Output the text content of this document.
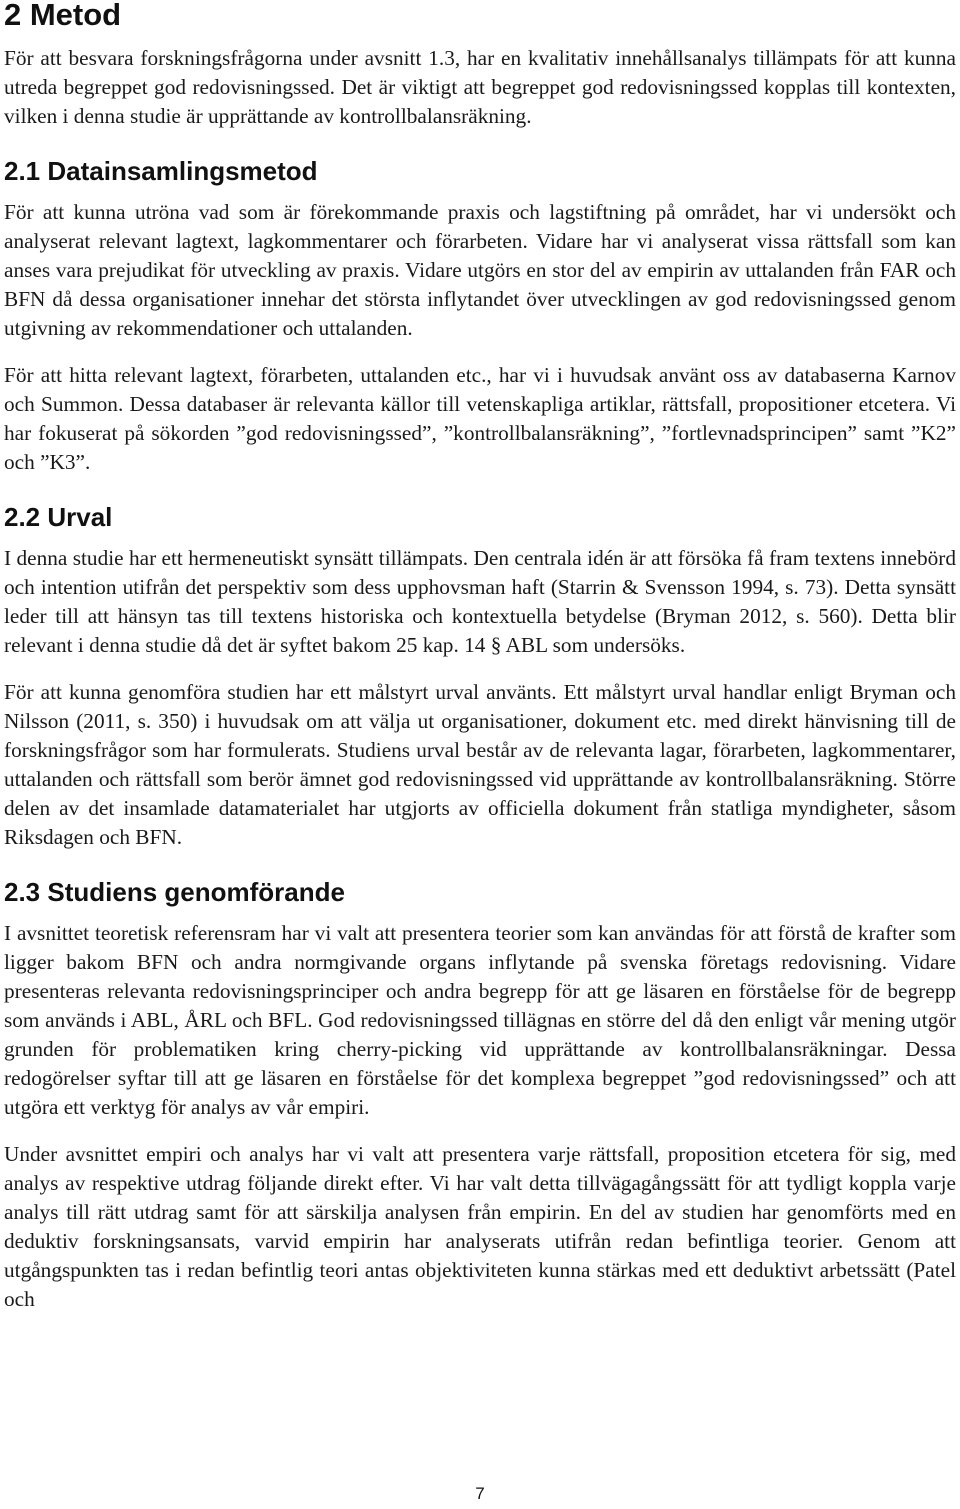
2 Metod

För att besvara forskningsfrågorna under avsnitt 1.3, har en kvalitativ innehållsanalys tillämpats för att kunna utreda begreppet god redovisningssed. Det är viktigt att begreppet god redovisningssed kopplas till kontexten, vilken i denna studie är upprättande av kontrollbalansräkning.

2.1 Datainsamlingsmetod

För att kunna utröna vad som är förekommande praxis och lagstiftning på området, har vi undersökt och analyserat relevant lagtext, lagkommentarer och förarbeten. Vidare har vi analyserat vissa rättsfall som kan anses vara prejudikat för utveckling av praxis. Vidare utgörs en stor del av empirin av uttalanden från FAR och BFN då dessa organisationer innehar det största inflytandet över utvecklingen av god redovisningssed genom utgivning av rekommendationer och uttalanden.

För att hitta relevant lagtext, förarbeten, uttalanden etc., har vi i huvudsak använt oss av databaserna Karnov och Summon. Dessa databaser är relevanta källor till vetenskapliga artiklar, rättsfall, propositioner etcetera. Vi har fokuserat på sökorden ”god redovisningssed”, ”kontrollbalansräkning”, ”fortlevnadsprincipen” samt ”K2” och ”K3”.

2.2 Urval

I denna studie har ett hermeneutiskt synsätt tillämpats. Den centrala idén är att försöka få fram textens innebörd och intention utifrån det perspektiv som dess upphovsman haft (Starrin & Svensson 1994, s. 73). Detta synsätt leder till att hänsyn tas till textens historiska och kontextuella betydelse (Bryman 2012, s. 560). Detta blir relevant i denna studie då det är syftet bakom 25 kap. 14 § ABL som undersöks.

För att kunna genomföra studien har ett målstyrt urval använts. Ett målstyrt urval handlar enligt Bryman och Nilsson (2011, s. 350) i huvudsak om att välja ut organisationer, dokument etc. med direkt hänvisning till de forskningsfrågor som har formulerats. Studiens urval består av de relevanta lagar, förarbeten, lagkommentarer, uttalanden och rättsfall som berör ämnet god redovisningssed vid upprättande av kontrollbalansräkning. Större delen av det insamlade datamaterialet har utgjorts av officiella dokument från statliga myndigheter, såsom Riksdagen och BFN.

2.3 Studiens genomförande

I avsnittet teoretisk referensram har vi valt att presentera teorier som kan användas för att förstå de krafter som ligger bakom BFN och andra normgivande organs inflytande på svenska företags redovisning. Vidare presenteras relevanta redovisningsprinciper och andra begrepp för att ge läsaren en förståelse för de begrepp som används i ABL, ÅRL och BFL. God redovisningssed tillägnas en större del då den enligt vår mening utgör grunden för problematiken kring cherry-picking vid upprättande av kontrollbalansräkningar. Dessa redogörelser syftar till att ge läsaren en förståelse för det komplexa begreppet ”god redovisningssed” och att utgöra ett verktyg för analys av vår empiri.

Under avsnittet empiri och analys har vi valt att presentera varje rättsfall, proposition etcetera för sig, med analys av respektive utdrag följande direkt efter. Vi har valt detta tillvägagångssätt för att tydligt koppla varje analys till rätt utdrag samt för att särskilja analysen från empirin. En del av studien har genomförts med en deduktiv forskningsansats, varvid empirin har analyserats utifrån redan befintliga teorier. Genom att utgångspunkten tas i redan befintlig teori antas objektiviteten kunna stärkas med ett deduktivt arbetssätt (Patel och

7
